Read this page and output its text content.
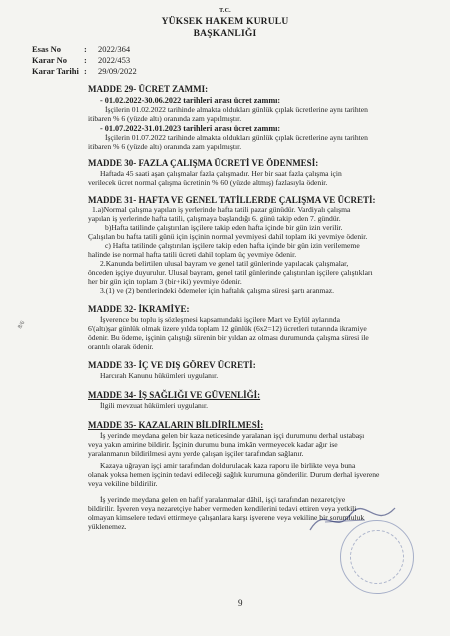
T.C.
YÜKSEK HAKEM KURULU
BAŞKANLIĞI
Esas No	: 2022/364
Karar No : 2022/453
Karar Tarihi : 29/09/2022
MADDE 29- ÜCRET ZAMMI:
- 01.02.2022-30.06.2022 tarihleri arası ücret zammı:
İşçilerin 01.02.2022 tarihinde almakta oldukları günlük çıplak ücretlerine aynı tarihten
itibaren % 6 (yüzde altı) oranında zam yapılmıştır.
- 01.07.2022-31.01.2023 tarihleri arası ücret zammı:
İşçilerin 01.07.2022 tarihinde almakta oldukları günlük çıplak ücretlerine aynı tarihten
itibaren % 6 (yüzde altı) oranında zam yapılmıştır.
MADDE 30- FAZLA ÇALIŞMA ÜCRETİ VE ÖDENMESİ:
Haftada 45 saati aşan çalışmalar fazla çalışmadır. Her bir saat fazla çalışma için
verilecek ücret normal çalışma ücretinin % 60 (yüzde altmış) fazlasıyla ödenir.
MADDE 31- HAFTA VE GENEL TATİLLERDE ÇALIŞMA VE ÜCRETİ:
1.a)Normal çalışma yapılan iş yerlerinde hafta tatili pazar günüdür. Vardiyalı çalışma
yapılan iş yerlerinde hafta tatili, çalışmaya başlandığı 6. günü takip eden 7. gündür.
b)Hafta tatilinde çalıştırılan işçilere takip eden hafta içinde bir gün izin verilir.
Çalışılan bu hafta tatili günü için işçinin normal yevmiyesi dahil toplam iki yevmiye ödenir.
c) Hafta tatilinde çalıştırılan işçilere takip eden hafta içinde bir gün izin verilememe
halinde ise normal hafta tatili ücreti dahil toplam üç yevmiye ödenir.
2.Kanunda belirtilen ulusal bayram ve genel tatil günlerinde yapılacak çalışmalar,
önceden işçiye duyurulur. Ulusal bayram, genel tatil günlerinde çalıştırılan işçilere çalıştıkları
her bir gün için toplam 3 (bir+iki) yevmiye ödenir.
3.(1) ve (2) bentlerindeki ödemeler için haftalık çalışma süresi şartı aranmaz.
MADDE 32- İKRAMİYE:
İşverence bu toplu iş sözleşmesi kapsamındaki işçilere Mart ve Eylül aylarında
6'(altı)şar günlük olmak üzere yılda toplam 12 günlük (6x2=12) ücretleri tutarında ikramiye
ödenir. Bu ödeme, işçinin çalıştığı sürenin bir yıldan az olması durumunda çalışma süresi ile
orantılı olarak ödenir.
MADDE 33- İÇ VE DIŞ GÖREV ÜCRETİ:
Harcırah Kanunu hükümleri uygulanır.
MADDE 34- İŞ SAĞLIĞI VE GÜVENLİĞİ:
İlgili mevzuat hükümleri uygulanır.
MADDE 35- KAZALARIN BİLDİRİLMESİ:
İş yerinde meydana gelen bir kaza neticesinde yaralanan işçi durumunu derhal ustabaşı
veya yakın amirine bildirir. İşçinin durumu buna imkân vermeyecek kadar ağır ise
yaralanmanın bildirilmesi aynı yerde çalışan işçiler tarafından sağlanır.
Kazaya uğrayan işçi amir tarafından doldurulacak kaza raporu ile birlikte veya buna
olanak yoksa hemen işçinin tedavi edileceği sağlık kurumuna gönderilir. Durum derhal işverene
veya vekiline bildirilir.
İş yerinde meydana gelen en hafif yaralanmalar dâhil, işçi tarafından nezaretçiye
bildirilir. İşveren veya nezaretçiye haber vermeden kendilerini tedavi ettiren veya yetkili
olmayan kimselere tedavi ettirmeye çalışanlara karşı işverene veya vekiline bir sorumluluk
yüklenemez.
8/6
9
